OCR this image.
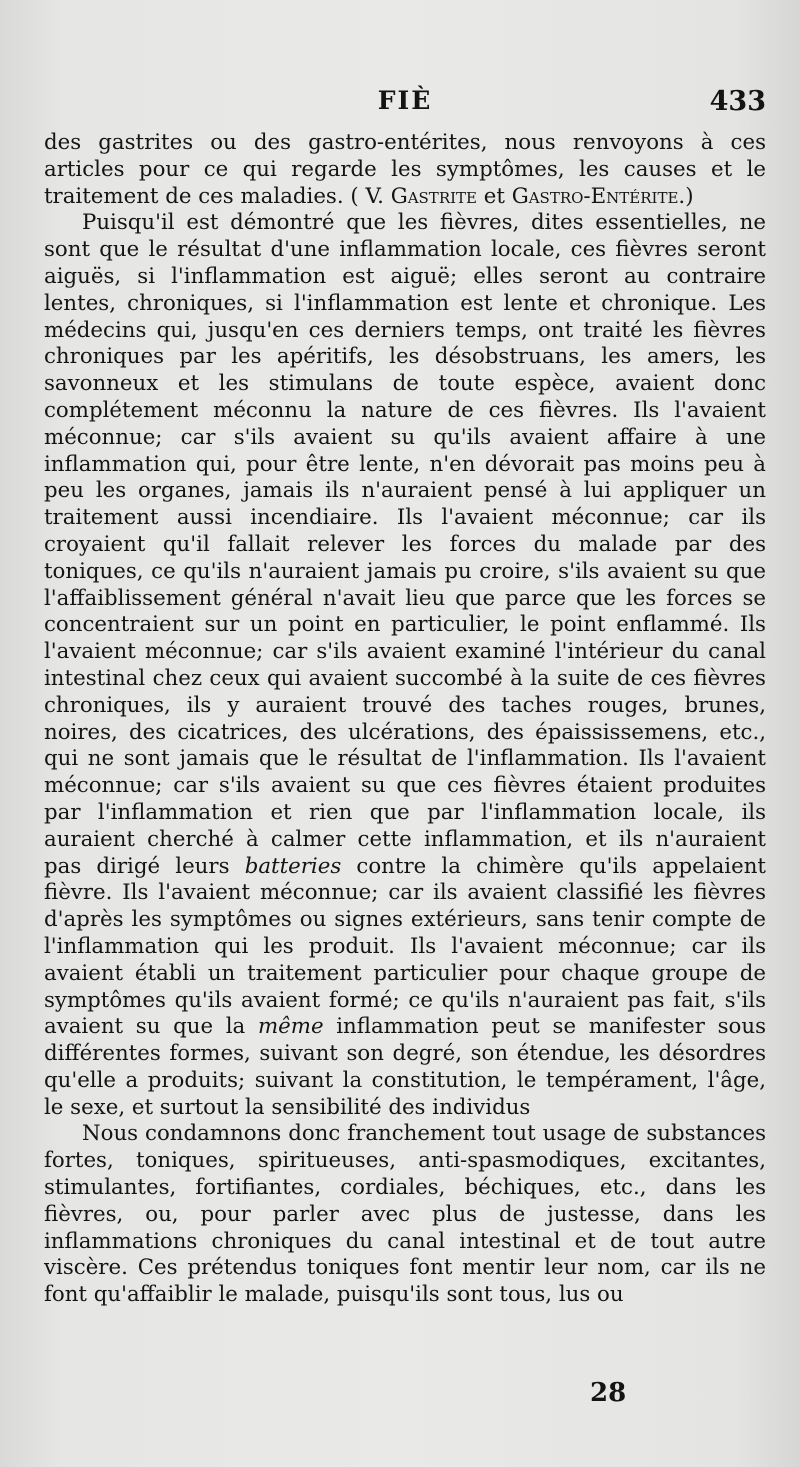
FIÈ	433

des gastrites ou des gastro-entérites, nous renvoyons à ces articles pour ce qui regarde les symptômes, les causes et le traitement de ces maladies. ( V. Gastrite et Gastro-Entérite.)

Puisqu'il est démontré que les fièvres, dites essentielles, ne sont que le résultat d'une inflammation locale, ces fièvres seront aiguës, si l'inflammation est aiguë; elles seront au contraire lentes, chroniques, si l'inflammation est lente et chronique. Les médecins qui, jusqu'en ces derniers temps, ont traité les fièvres chroniques par les apéritifs, les désobstruans, les amers, les savonneux et les stimulans de toute espèce, avaient donc complétement méconnu la nature de ces fièvres. Ils l'avaient méconnue; car s'ils avaient su qu'ils avaient affaire à une inflammation qui, pour être lente, n'en dévorait pas moins peu à peu les organes, jamais ils n'auraient pensé à lui appliquer un traitement aussi incendiaire. Ils l'avaient méconnue; car ils croyaient qu'il fallait relever les forces du malade par des toniques, ce qu'ils n'auraient jamais pu croire, s'ils avaient su que l'affaiblissement général n'avait lieu que parce que les forces se concentraient sur un point en particulier, le point enflammé. Ils l'avaient méconnue; car s'ils avaient examiné l'intérieur du canal intestinal chez ceux qui avaient succombé à la suite de ces fièvres chroniques, ils y auraient trouvé des taches rouges, brunes, noires, des cicatrices, des ulcérations, des épaississemens, etc., qui ne sont jamais que le résultat de l'inflammation. Ils l'avaient méconnue; car s'ils avaient su que ces fièvres étaient produites par l'inflammation et rien que par l'inflammation locale, ils auraient cherché à calmer cette inflammation, et ils n'auraient pas dirigé leurs batteries contre la chimère qu'ils appelaient fièvre. Ils l'avaient méconnue; car ils avaient classifié les fièvres d'après les symptômes ou signes extérieurs, sans tenir compte de l'inflammation qui les produit. Ils l'avaient méconnue; car ils avaient établi un traitement particulier pour chaque groupe de symptômes qu'ils avaient formé; ce qu'ils n'auraient pas fait, s'ils avaient su que la même inflammation peut se manifester sous différentes formes, suivant son degré, son étendue, les désordres qu'elle a produits; suivant la constitution, le tempérament, l'âge, le sexe, et surtout la sensibilité des individus

Nous condamnons donc franchement tout usage de substances fortes, toniques, spiritueuses, anti-spasmodiques, excitantes, stimulantes, fortifiantes, cordiales, béchiques, etc., dans les fièvres, ou, pour parler avec plus de justesse, dans les inflammations chroniques du canal intestinal et de tout autre viscère. Ces prétendus toniques font mentir leur nom, car ils ne font qu'affaiblir le malade, puisqu'ils sont tous, lus ou

28
